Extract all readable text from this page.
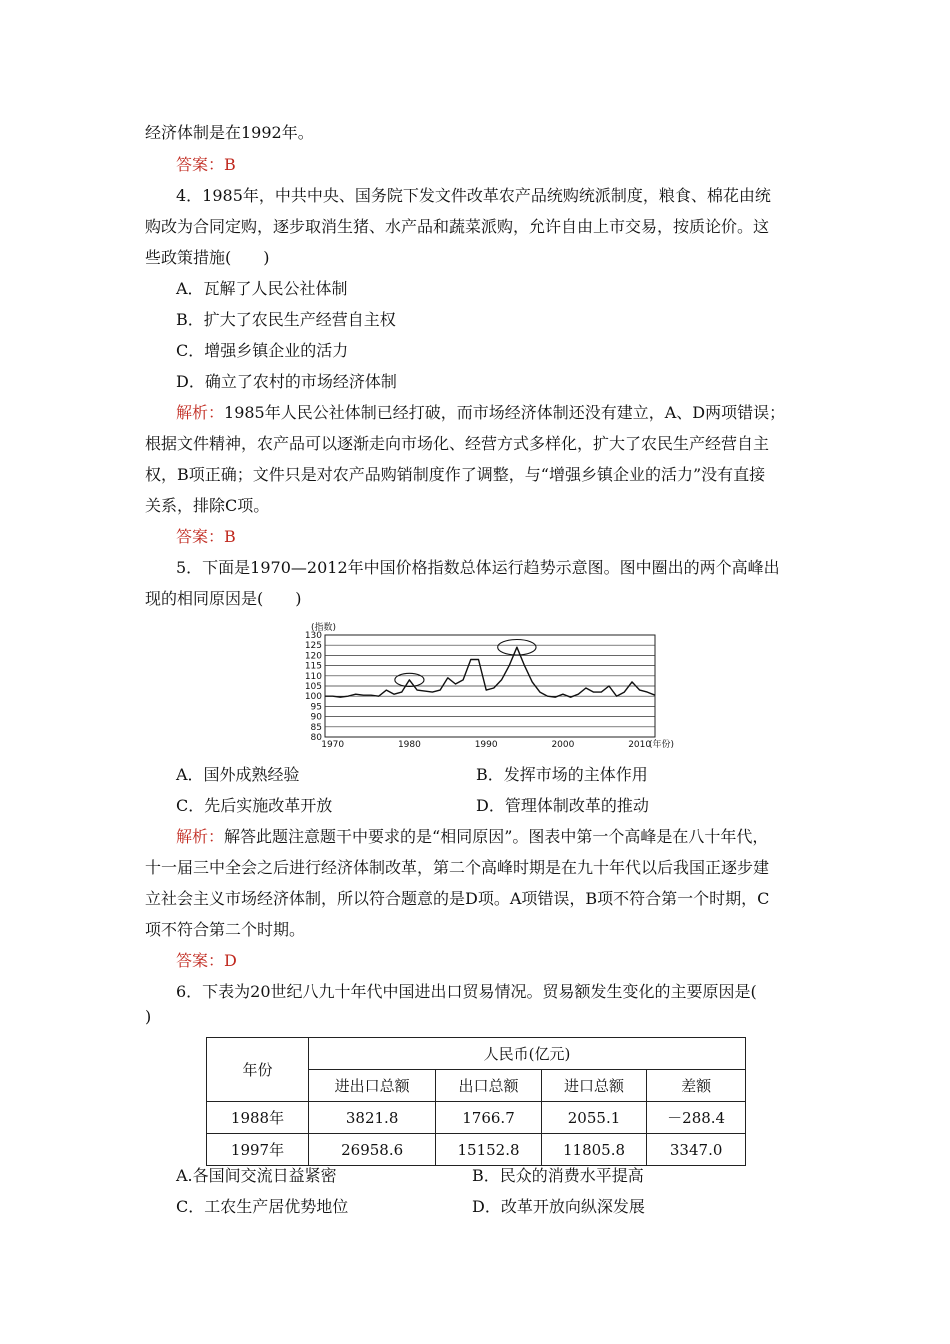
经济体制是在1992年。
答案：B
4．1985年，中共中央、国务院下发文件改革农产品统购统派制度，粮食、棉花由统
购改为合同定购，逐步取消生猪、水产品和蔬菜派购，允许自由上市交易，按质论价。这
些政策措施(　　)
A．瓦解了人民公社体制
B．扩大了农民生产经营自主权
C．增强乡镇企业的活力
D．确立了农村的市场经济体制
解析：1985年人民公社体制已经打破，而市场经济体制还没有建立，A、D两项错误；
根据文件精神，农产品可以逐渐走向市场化、经营方式多样化，扩大了农民生产经营自主
权，B项正确；文件只是对农产品购销制度作了调整，与“增强乡镇企业的活力”没有直接
关系，排除C项。
答案：B
5．下面是1970—2012年中国价格指数总体运行趋势示意图。图中圈出的两个高峰出
现的相同原因是(　　)
80
85
90
95
100
105
110
115
120
125
130
1970	1980	1990	2000	2010
(指数)
(年份)
A．国外成熟经验	B．发挥市场的主体作用
C．先后实施改革开放	D．管理体制改革的推动
解析：解答此题注意题干中要求的是“相同原因”。图表中第一个高峰是在八十年代，
十一届三中全会之后进行经济体制改革，第二个高峰时期是在九十年代以后我国正逐步建
立社会主义市场经济体制，所以符合题意的是D项。A项错误，B项不符合第一个时期，C
项不符合第二个时期。
答案：D
6．下表为20世纪八九十年代中国进出口贸易情况。贸易额发生变化的主要原因是(
)
年份	人民币(亿元)			
	进出口总额	出口总额	进口总额	差额
1988年	3821.8	1766.7	2055.1	－288.4
1997年	26958.6	15152.8	11805.8	3347.0
A.各国间交流日益紧密	B．民众的消费水平提高
C．工农生产居优势地位	D．改革开放向纵深发展
